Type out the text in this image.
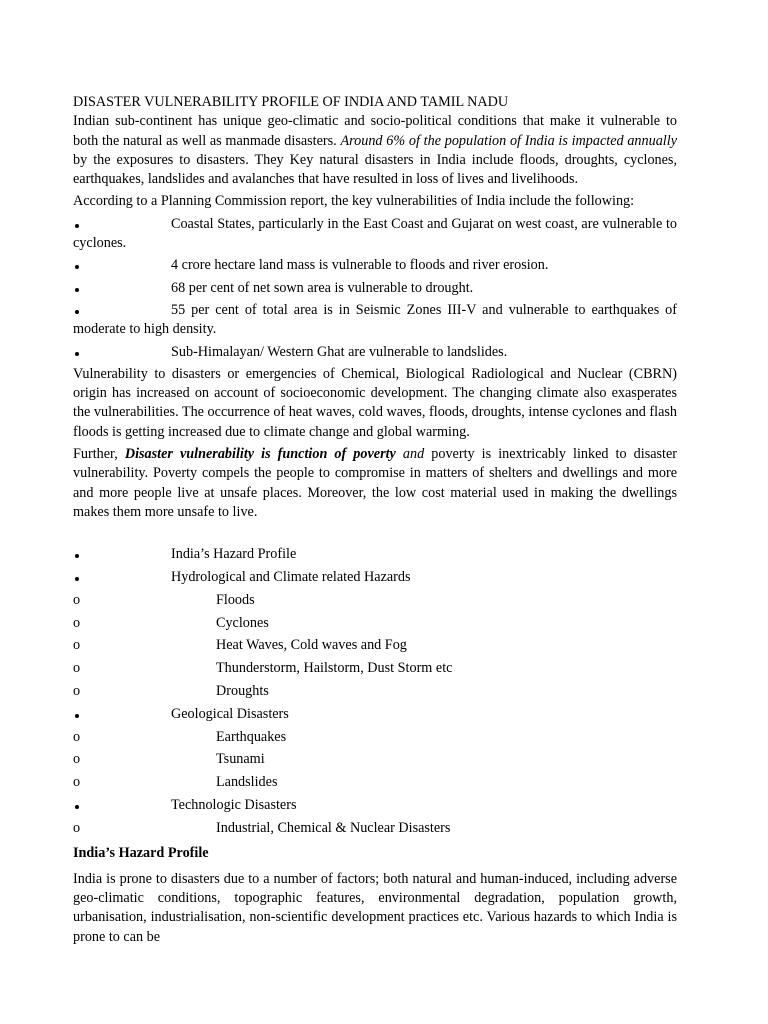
DISASTER VULNERABILITY PROFILE OF INDIA AND TAMIL NADU

Indian sub-continent has unique geo-climatic and socio-political conditions that make it vulnerable to both the natural as well as manmade disasters. Around 6% of the population of India is impacted annually by the exposures to disasters. They Key natural disasters in India include floods, droughts, cyclones, earthquakes, landslides and avalanches that have resulted in loss of lives and livelihoods.

According to a Planning Commission report, the key vulnerabilities of India include the following:

Coastal States, particularly in the East Coast and Gujarat on west coast, are vulnerable to cyclones.
4 crore hectare land mass is vulnerable to floods and river erosion.
68 per cent of net sown area is vulnerable to drought.
55 per cent of total area is in Seismic Zones III-V and vulnerable to earthquakes of moderate to high density.
Sub-Himalayan/ Western Ghat are vulnerable to landslides.

Vulnerability to disasters or emergencies of Chemical, Biological Radiological and Nuclear (CBRN) origin has increased on account of socioeconomic development. The changing climate also exasperates the vulnerabilities. The occurrence of heat waves, cold waves, floods, droughts, intense cyclones and flash floods is getting increased due to climate change and global warming.

Further, Disaster vulnerability is function of poverty and poverty is inextricably linked to disaster vulnerability. Poverty compels the people to compromise in matters of shelters and dwellings and more and more people live at unsafe places. Moreover, the low cost material used in making the dwellings makes them more unsafe to live.

India’s Hazard Profile
Hydrological and Climate related Hazards
o	Floods
o	Cyclones
o	Heat Waves, Cold waves and Fog
o	Thunderstorm, Hailstorm, Dust Storm etc
o	Droughts
Geological Disasters
o	Earthquakes
o	Tsunami
o	Landslides
Technologic Disasters
o	Industrial, Chemical & Nuclear Disasters

India’s Hazard Profile

India is prone to disasters due to a number of factors; both natural and human-induced, including adverse geo-climatic conditions, topographic features, environmental degradation, population growth, urbanisation, industrialisation, non-scientific development practices etc. Various hazards to which India is prone to can be
